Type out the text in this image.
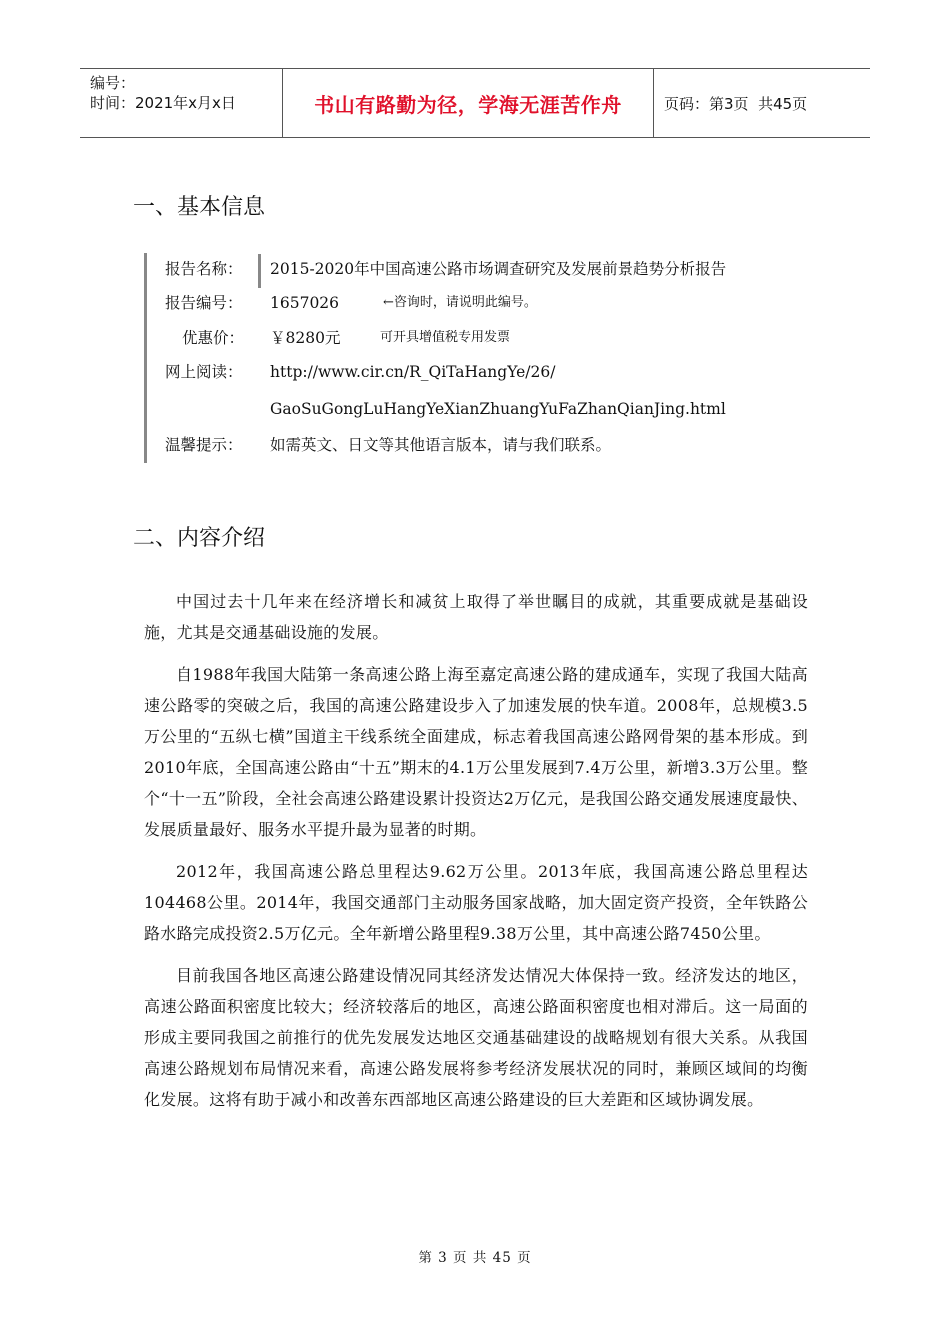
编号：
时间：2021年x月x日	书山有路勤为径，学海无涯苦作舟	页码：第3页  共45页
一、基本信息
报告名称： 2015-2020年中国高速公路市场调查研究及发展前景趋势分析报告
报告编号： 1657026	←咨询时，请说明此编号。
优惠价： ￥8280元	可开具增值税专用发票
网上阅读： http://www.cir.cn/R_QiTaHangYe/26/
GaoSuGongLuHangYeXianZhuangYuFaZhanQianJing.html
温馨提示： 如需英文、日文等其他语言版本，请与我们联系。
二、内容介绍

中国过去十几年来在经济增长和减贫上取得了举世瞩目的成就，其重要成就是基础设施，尤其是交通基础设施的发展。

自1988年我国大陆第一条高速公路上海至嘉定高速公路的建成通车，实现了我国大陆高速公路零的突破之后，我国的高速公路建设步入了加速发展的快车道。2008年，总规模3.5万公里的“五纵七横”国道主干线系统全面建成，标志着我国高速公路网骨架的基本形成。到2010年底，全国高速公路由“十五”期末的4.1万公里发展到7.4万公里，新增3.3万公里。整个“十一五”阶段，全社会高速公路建设累计投资达2万亿元，是我国公路交通发展速度最快、发展质量最好、服务水平提升最为显著的时期。

2012年，我国高速公路总里程达9.62万公里。2013年底，我国高速公路总里程达104468公里。2014年，我国交通部门主动服务国家战略，加大固定资产投资，全年铁路公路水路完成投资2.5万亿元。全年新增公路里程9.38万公里，其中高速公路7450公里。

目前我国各地区高速公路建设情况同其经济发达情况大体保持一致。经济发达的地区，高速公路面积密度比较大；经济较落后的地区，高速公路面积密度也相对滞后。这一局面的形成主要同我国之前推行的优先发展发达地区交通基础建设的战略规划有很大关系。从我国高速公路规划布局情况来看，高速公路发展将参考经济发展状况的同时，兼顾区域间的均衡化发展。这将有助于减小和改善东西部地区高速公路建设的巨大差距和区域协调发展。

第 3 页 共 45 页
